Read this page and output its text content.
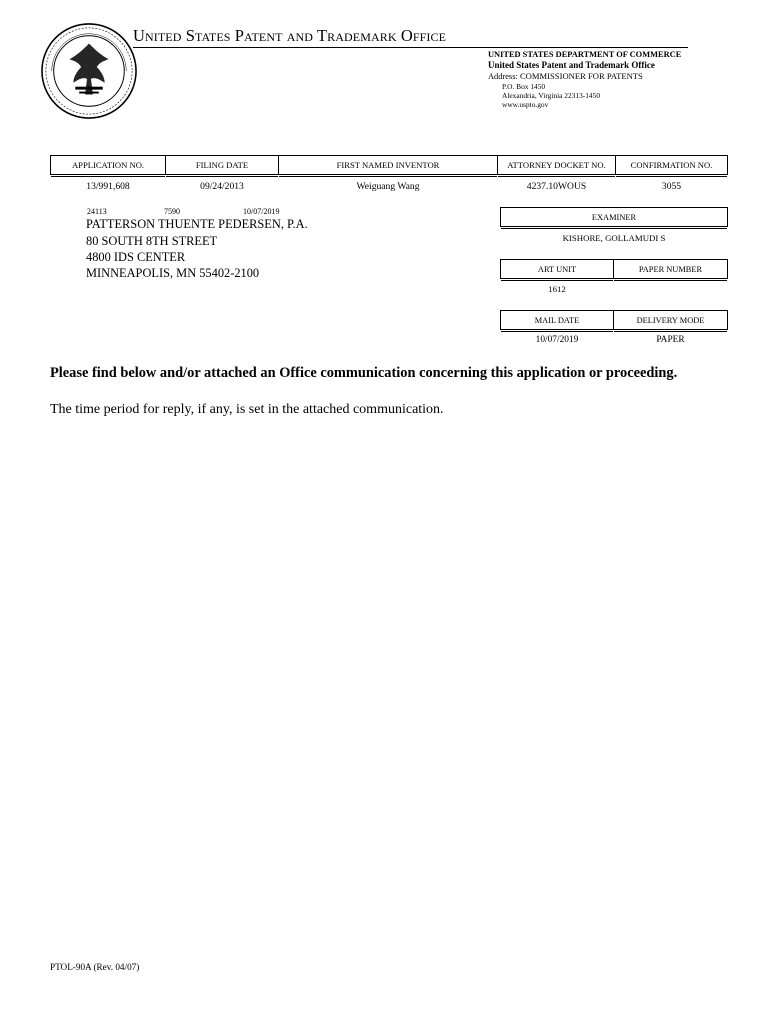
United States Patent and Trademark Office
UNITED STATES DEPARTMENT OF COMMERCE
United States Patent and Trademark Office
Address: COMMISSIONER FOR PATENTS
P.O. Box 1450
Alexandria, Virginia 22313-1450
www.uspto.gov
APPLICATION NO.	FILING DATE	FIRST NAMED INVENTOR	ATTORNEY DOCKET NO.	CONFIRMATION NO.
13/991,608	09/24/2013	Weiguang Wang	4237.10WOUS	3055
24113	7590	10/07/2019
PATTERSON THUENTE PEDERSEN, P.A.
80 SOUTH 8TH STREET
4800 IDS CENTER
MINNEAPOLIS, MN 55402-2100
EXAMINER
KISHORE, GOLLAMUDI S
ART UNIT	PAPER NUMBER
1612
MAIL DATE	DELIVERY MODE
10/07/2019	PAPER
Please find below and/or attached an Office communication concerning this application or proceeding.
The time period for reply, if any, is set in the attached communication.
PTOL-90A (Rev. 04/07)
